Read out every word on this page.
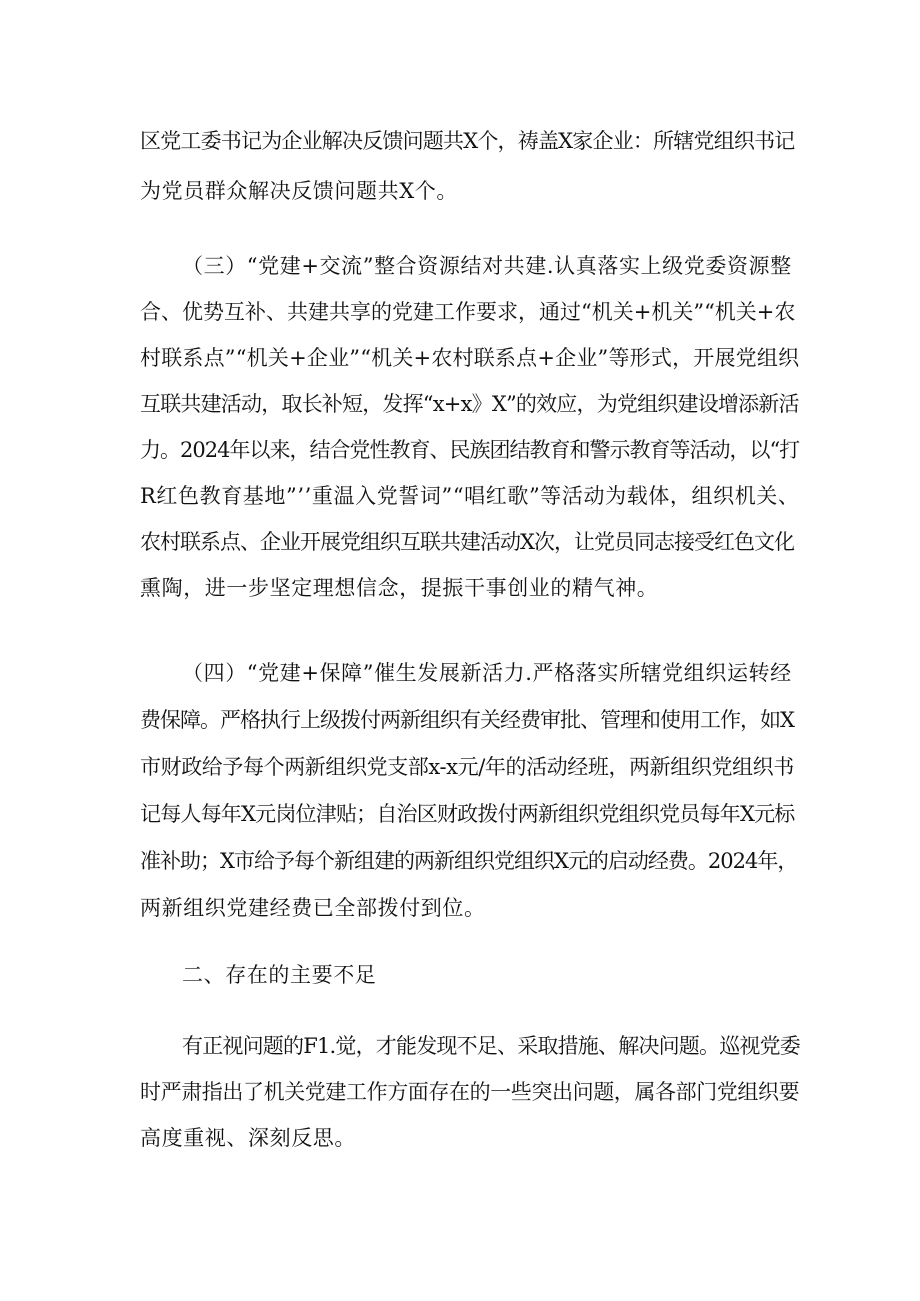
区党工委书记为企业解决反馈问题共X个，祷盖X家企业：所辖党组织书记

为党员群众解决反馈问题共X个。

（三）“党建+交流”整合资源结对共建.认真落实上级党委资源整

合、优势互补、共建共享的党建工作要求，通过“机关+机关”“机关+农

村联系点”“机关+企业”“机关+农村联系点+企业”等形式，开展党组织

互联共建活动，取长补短，发挥“x+x》X”的效应，为党组织建设增添新活

力。2024年以来，结合党性教育、民族团结教育和警示教育等活动，以“打

R红色教育基地”’’重温入党誓词”“唱红歌”等活动为载体，组织机关、

农村联系点、企业开展党组织互联共建活动X次，让党员同志接受红色文化

熏陶，进一步坚定理想信念，提振干事创业的精气神。

（四）“党建+保障”催生发展新活力.严格落实所辖党组织运转经

费保障。严格执行上级拨付两新组织有关经费审批、管理和使用工作，如X

市财政给予每个两新组织党支部x-x元/年的活动经班，两新组织党组织书

记每人每年X元岗位津贴；自治区财政拨付两新组织党组织党员每年X元标

准补助；X市给予每个新组建的两新组织党组织X元的启动经费。2024年，

两新组织党建经费已全部拨付到位。

二、存在的主要不足

有正视问题的F1.觉，才能发现不足、采取措施、解决问题。巡视党委

时严肃指出了机关党建工作方面存在的一些突出问题，属各部门党组织要

高度重视、深刻反思。
